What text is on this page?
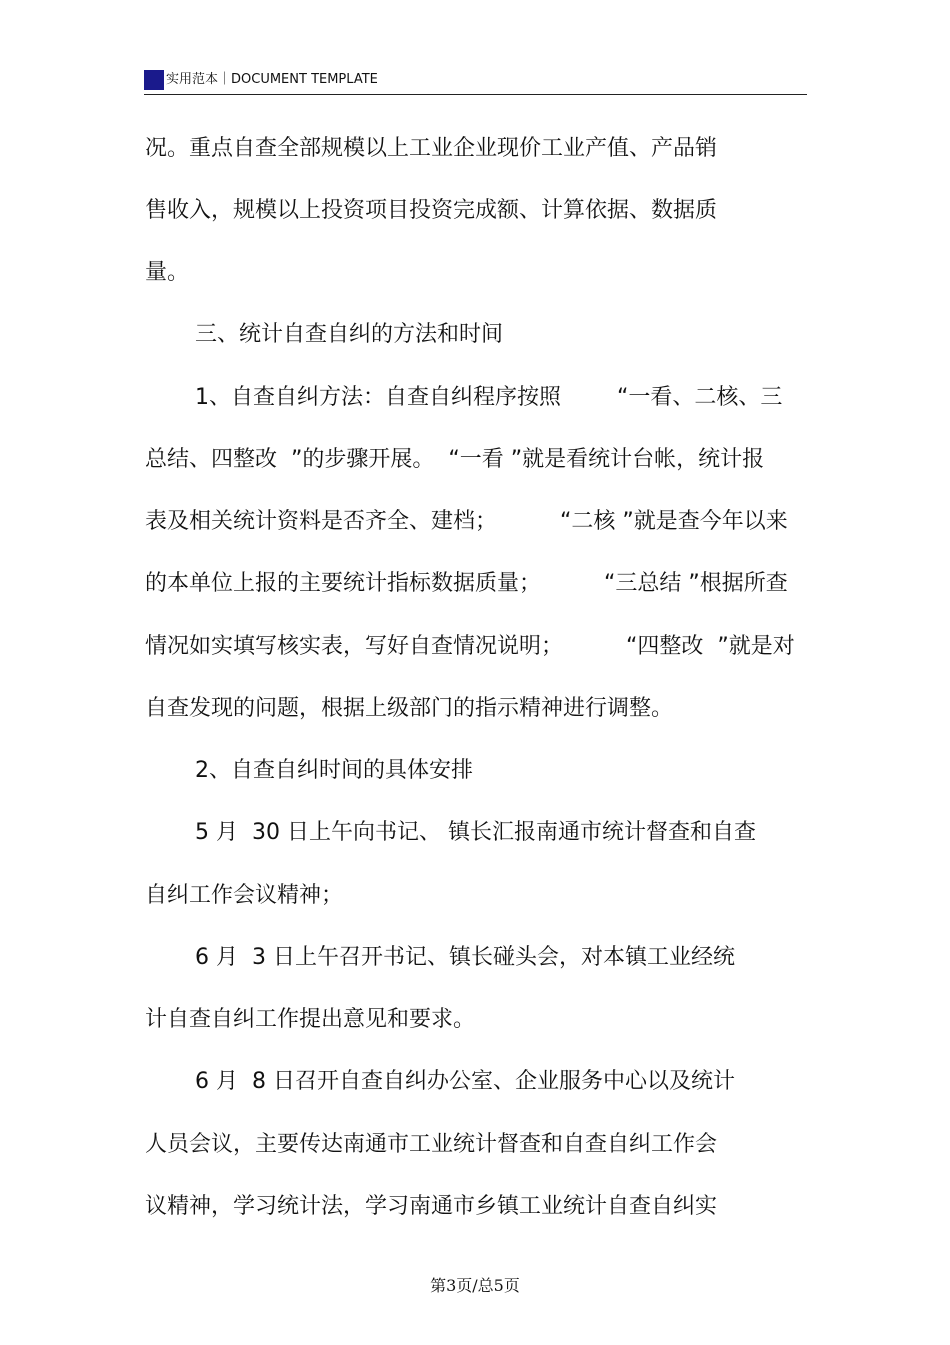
实用范本｜DOCUMENT TEMPLATE
况。重点自查全部规模以上工业企业现价工业产值、产品销
售收入，规模以上投资项目投资完成额、计算依据、数据质
量。
三、统计自查自纠的方法和时间
1、自查自纠方法：自查自纠程序按照        “一看、二核、三
总结、四整改  ”的步骤开展。  “一看 ”就是看统计台帐，统计报
表及相关统计资料是否齐全、建档；         “二核 ”就是查今年以来
的本单位上报的主要统计指标数据质量；         “三总结 ”根据所查
情况如实填写核实表，写好自查情况说明；         “四整改  ”就是对
自查发现的问题，根据上级部门的指示精神进行调整。
2、自查自纠时间的具体安排
5 月  30 日上午向书记、 镇长汇报南通市统计督查和自查
自纠工作会议精神；
6 月  3 日上午召开书记、镇长碰头会，对本镇工业经统
计自查自纠工作提出意见和要求。
6 月  8 日召开自查自纠办公室、企业服务中心以及统计
人员会议，主要传达南通市工业统计督查和自查自纠工作会
议精神，学习统计法，学习南通市乡镇工业统计自查自纠实
第3页/总5页
